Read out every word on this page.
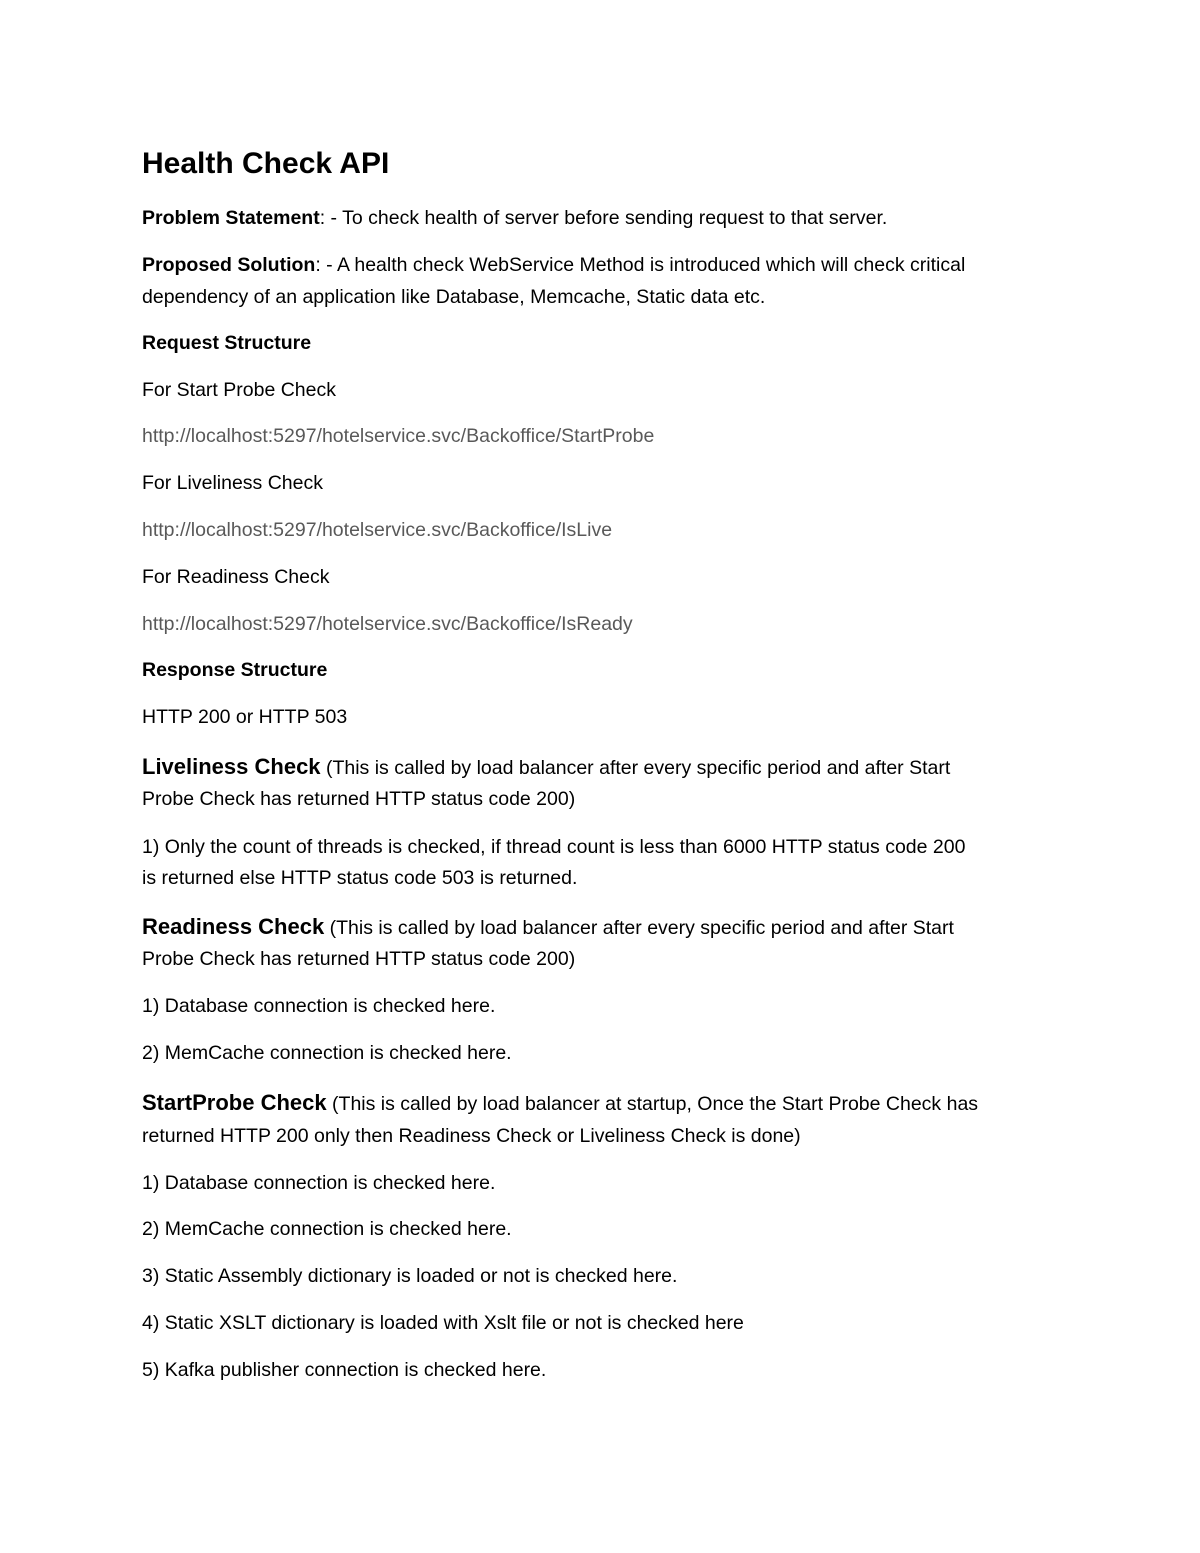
Health Check API
Problem Statement: - To check health of server before sending request to that server.
Proposed Solution: - A health check WebService Method is introduced which will check critical
dependency of an application like Database, Memcache, Static data etc.
Request Structure
For Start Probe Check
http://localhost:5297/hotelservice.svc/Backoffice/StartProbe
For Liveliness Check
http://localhost:5297/hotelservice.svc/Backoffice/IsLive
For Readiness Check
http://localhost:5297/hotelservice.svc/Backoffice/IsReady
Response Structure
HTTP 200 or HTTP 503
Liveliness Check (This is called by load balancer after every specific period and after Start
Probe Check has returned HTTP status code 200)
1) Only the count of threads is checked, if thread count is less than 6000 HTTP status code 200
is returned else HTTP status code 503 is returned.
Readiness Check (This is called by load balancer after every specific period and after Start
Probe Check has returned HTTP status code 200)
1) Database connection is checked here.
2) MemCache connection is checked here.
StartProbe Check (This is called by load balancer at startup, Once the Start Probe Check has
returned HTTP 200 only then Readiness Check or Liveliness Check is done)
1) Database connection is checked here.
2) MemCache connection is checked here.
3) Static Assembly dictionary is loaded or not is checked here.
4) Static XSLT dictionary is loaded with Xslt file or not is checked here
5) Kafka publisher connection is checked here.
